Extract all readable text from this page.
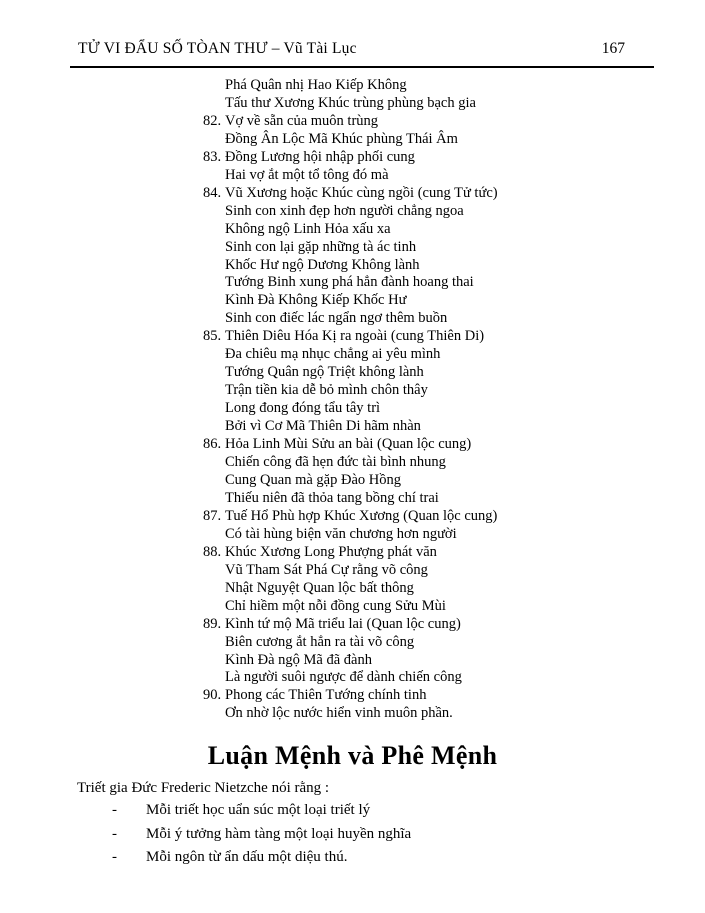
TỬ VI ĐẨU SỐ TÒAN THƯ – Vũ Tài Lục	167
Phá Quân nhị Hao Kiếp Không
Tấu thư Xương Khúc trùng phùng bạch gia
82. Vợ về sẵn của muôn trùng
Đồng Ân Lộc Mã Khúc phùng Thái Âm
83. Đồng Lương hội nhập phối cung
Hai vợ ắt một tổ tông đó mà
84. Vũ Xương hoặc Khúc cùng ngồi (cung Tử tức)
Sinh con xinh đẹp hơn người chẳng ngoa
Không ngộ Linh Hỏa xấu xa
Sinh con lại gặp những tà ác tinh
Khốc Hư ngộ Dương Không lành
Tướng Binh xung phá hẳn đành hoang thai
Kình Đà Không Kiếp Khốc Hư
Sinh con điếc lác ngẩn ngơ thêm buồn
85. Thiên Diêu Hóa Kị ra ngoài (cung Thiên Di)
Đa chiêu mạ nhục chẳng ai yêu mình
Tướng Quân ngộ Triệt không lành
Trận tiền kia dễ bỏ mình chôn thây
Long đong đóng tẩu tây trì
Bởi vì Cơ Mã Thiên Di hãm nhàn
86. Hỏa Linh Mùi Sửu an bài (Quan lộc cung)
Chiến công đã hẹn đức tài bình nhung
Cung Quan mà gặp Đào Hồng
Thiếu niên đã thỏa tang bồng chí trai
87. Tuế Hổ Phù hợp Khúc Xương (Quan lộc cung)
Có tài hùng biện văn chương hơn người
88. Khúc Xương Long Phượng phát văn
Vũ Tham Sát Phá Cự rằng võ công
Nhật Nguyệt Quan lộc bất thông
Chỉ hiềm một nỗi đồng cung Sửu Mùi
89. Kình tứ mộ Mã triểu lai (Quan lộc cung)
Biên cương ắt hẳn ra tài võ công
Kình Đà ngộ Mã đã đành
Là người suôi ngược để dành chiến công
90. Phong các Thiên Tướng chính tinh
Ơn nhờ lộc nước hiển vinh muôn phần.
Luận Mệnh và Phê Mệnh

Triết gia Đức Frederic Nietzche nói rằng :

- Mỗi triết học uẩn súc một loại triết lý
- Mỗi ý tưởng hàm tàng một loại huyền nghĩa
- Mỗi ngôn từ ẩn dấu một diệu thú.
